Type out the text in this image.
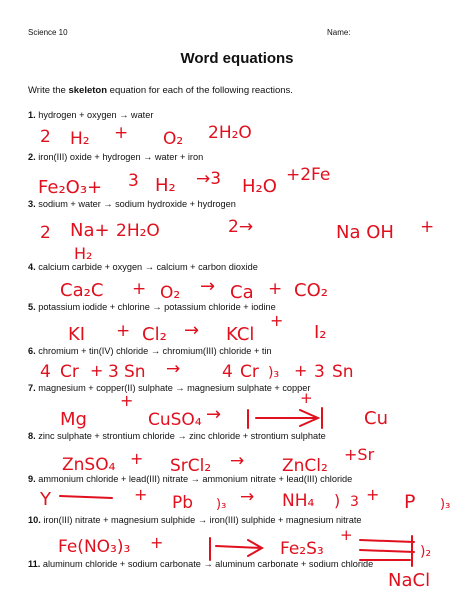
Science 10	Name:
Word equations
Write the skeleton equation for each of the following reactions.
1. hydrogen + oxygen → water
2. iron(III) oxide + hydrogen → water + iron
3. sodium + water → sodium hydroxide + hydrogen
4. calcium carbide + oxygen → calcium + carbon dioxide
5. potassium iodide + chlorine → potassium chloride + iodine
6. chromium + tin(IV) chloride → chromium(III) chloride + tin
7. magnesium + copper(II) sulphate → magnesium sulphate + copper
8. zinc sulphate + strontium chloride → zinc chloride + strontium sulphate
9. ammonium chloride + lead(III) nitrate → ammonium nitrate + lead(III) chloride
10. iron(III) nitrate + magnesium sulphide → iron(III) sulphide + magnesium nitrate
11. aluminum chloride + sodium carbonate → aluminum carbonate + sodium chloride
2 H₂ + O₂ 2H₂O
Fe₂O₃+ 3 H₂ →3 H₂O
+2Fe
2 Na+ 2H₂O	2→	Na OH +
H₂
Ca₂C + O₂ → Ca + CO₂
KI + Cl₂ → KCl
+
I₂
4 Cr + 3 Sn → 4 Cr )₃ + 3 Sn
Mg
+
CuSO₄ →
+
Cu
ZnSO₄ + SrCl₂ → ZnCl₂
+Sr
Y	+ Pb )₃ → NH₄ ) 3 + P )₃
Fe(NO₃)₃ +	Fe₂S₃
+
)₂
NaCl
